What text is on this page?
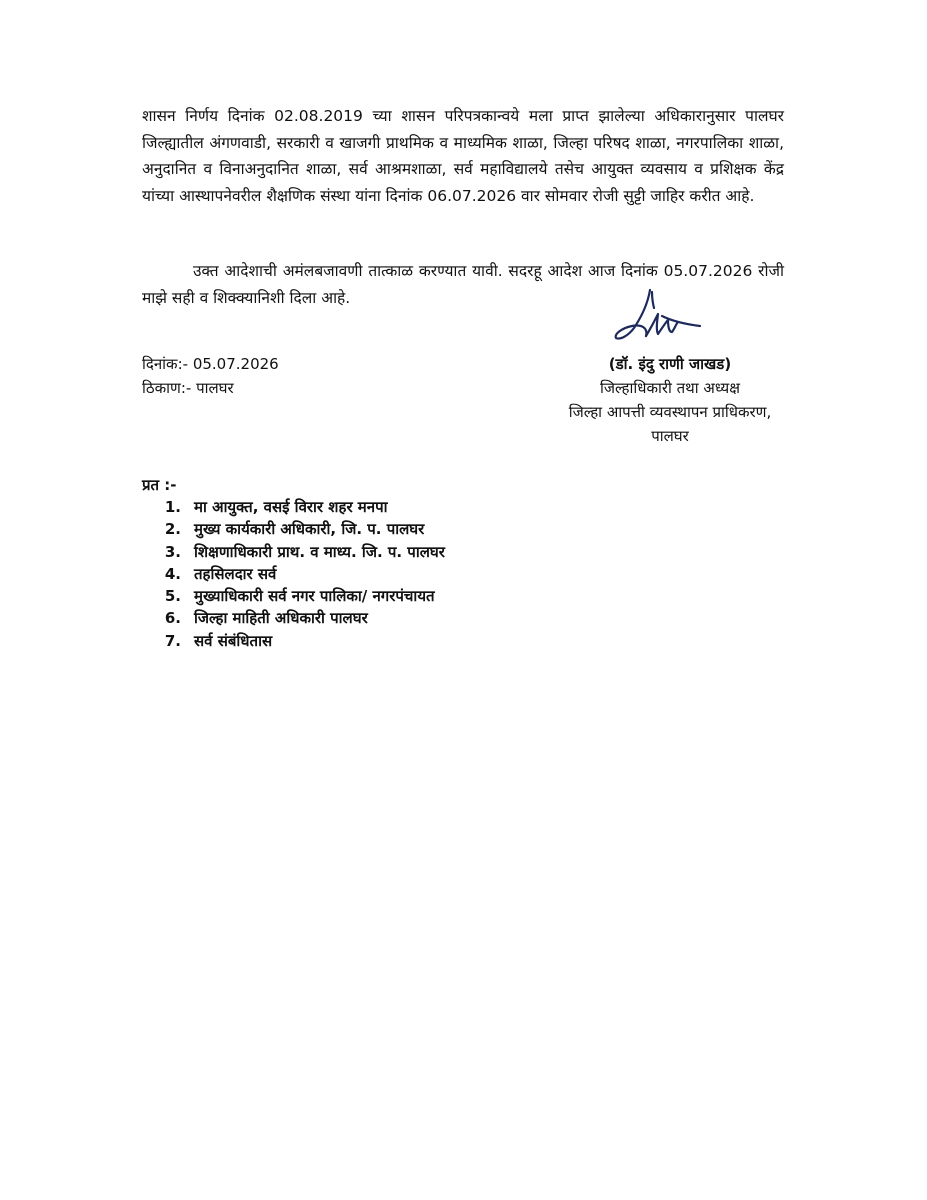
शासन निर्णय दिनांक 02.08.2019 च्या शासन परिपत्रकान्वये मला प्राप्त झालेल्या अधिकारानुसार पालघर जिल्ह्यातील अंगणवाडी, सरकारी व खाजगी प्राथमिक व माध्यमिक शाळा, जिल्हा परिषद शाळा, नगरपालिका शाळा, अनुदानित व विनाअनुदानित शाळा, सर्व आश्रमशाळा, सर्व महाविद्यालये तसेच आयुक्त व्यवसाय व प्रशिक्षक केंद्र यांच्या आस्थापनेवरील शैक्षणिक संस्था यांना दिनांक 06.07.2026 वार सोमवार रोजी सुट्टी जाहिर करीत आहे.

उक्त आदेशाची अमंलबजावणी तात्काळ करण्यात यावी. सदरहू आदेश आज दिनांक 05.07.2026 रोजी माझे सही व शिक्क्यानिशी दिला आहे.

दिनांक:- 05.07.2026
ठिकाण:- पालघर
(डॉ. इंदु राणी जाखड)
जिल्हाधिकारी तथा अध्यक्ष
जिल्हा आपत्ती व्यवस्थापन प्राधिकरण,
पालघर
प्रत :-
1. मा आयुक्त, वसई विरार शहर मनपा
2. मुख्य कार्यकारी अधिकारी, जि. प. पालघर
3. शिक्षणाधिकारी प्राथ. व माध्य. जि. प. पालघर
4. तहसिलदार सर्व
5. मुख्याधिकारी सर्व नगर पालिका/ नगरपंचायत
6. जिल्हा माहिती अधिकारी पालघर
7. सर्व संबंधितास
